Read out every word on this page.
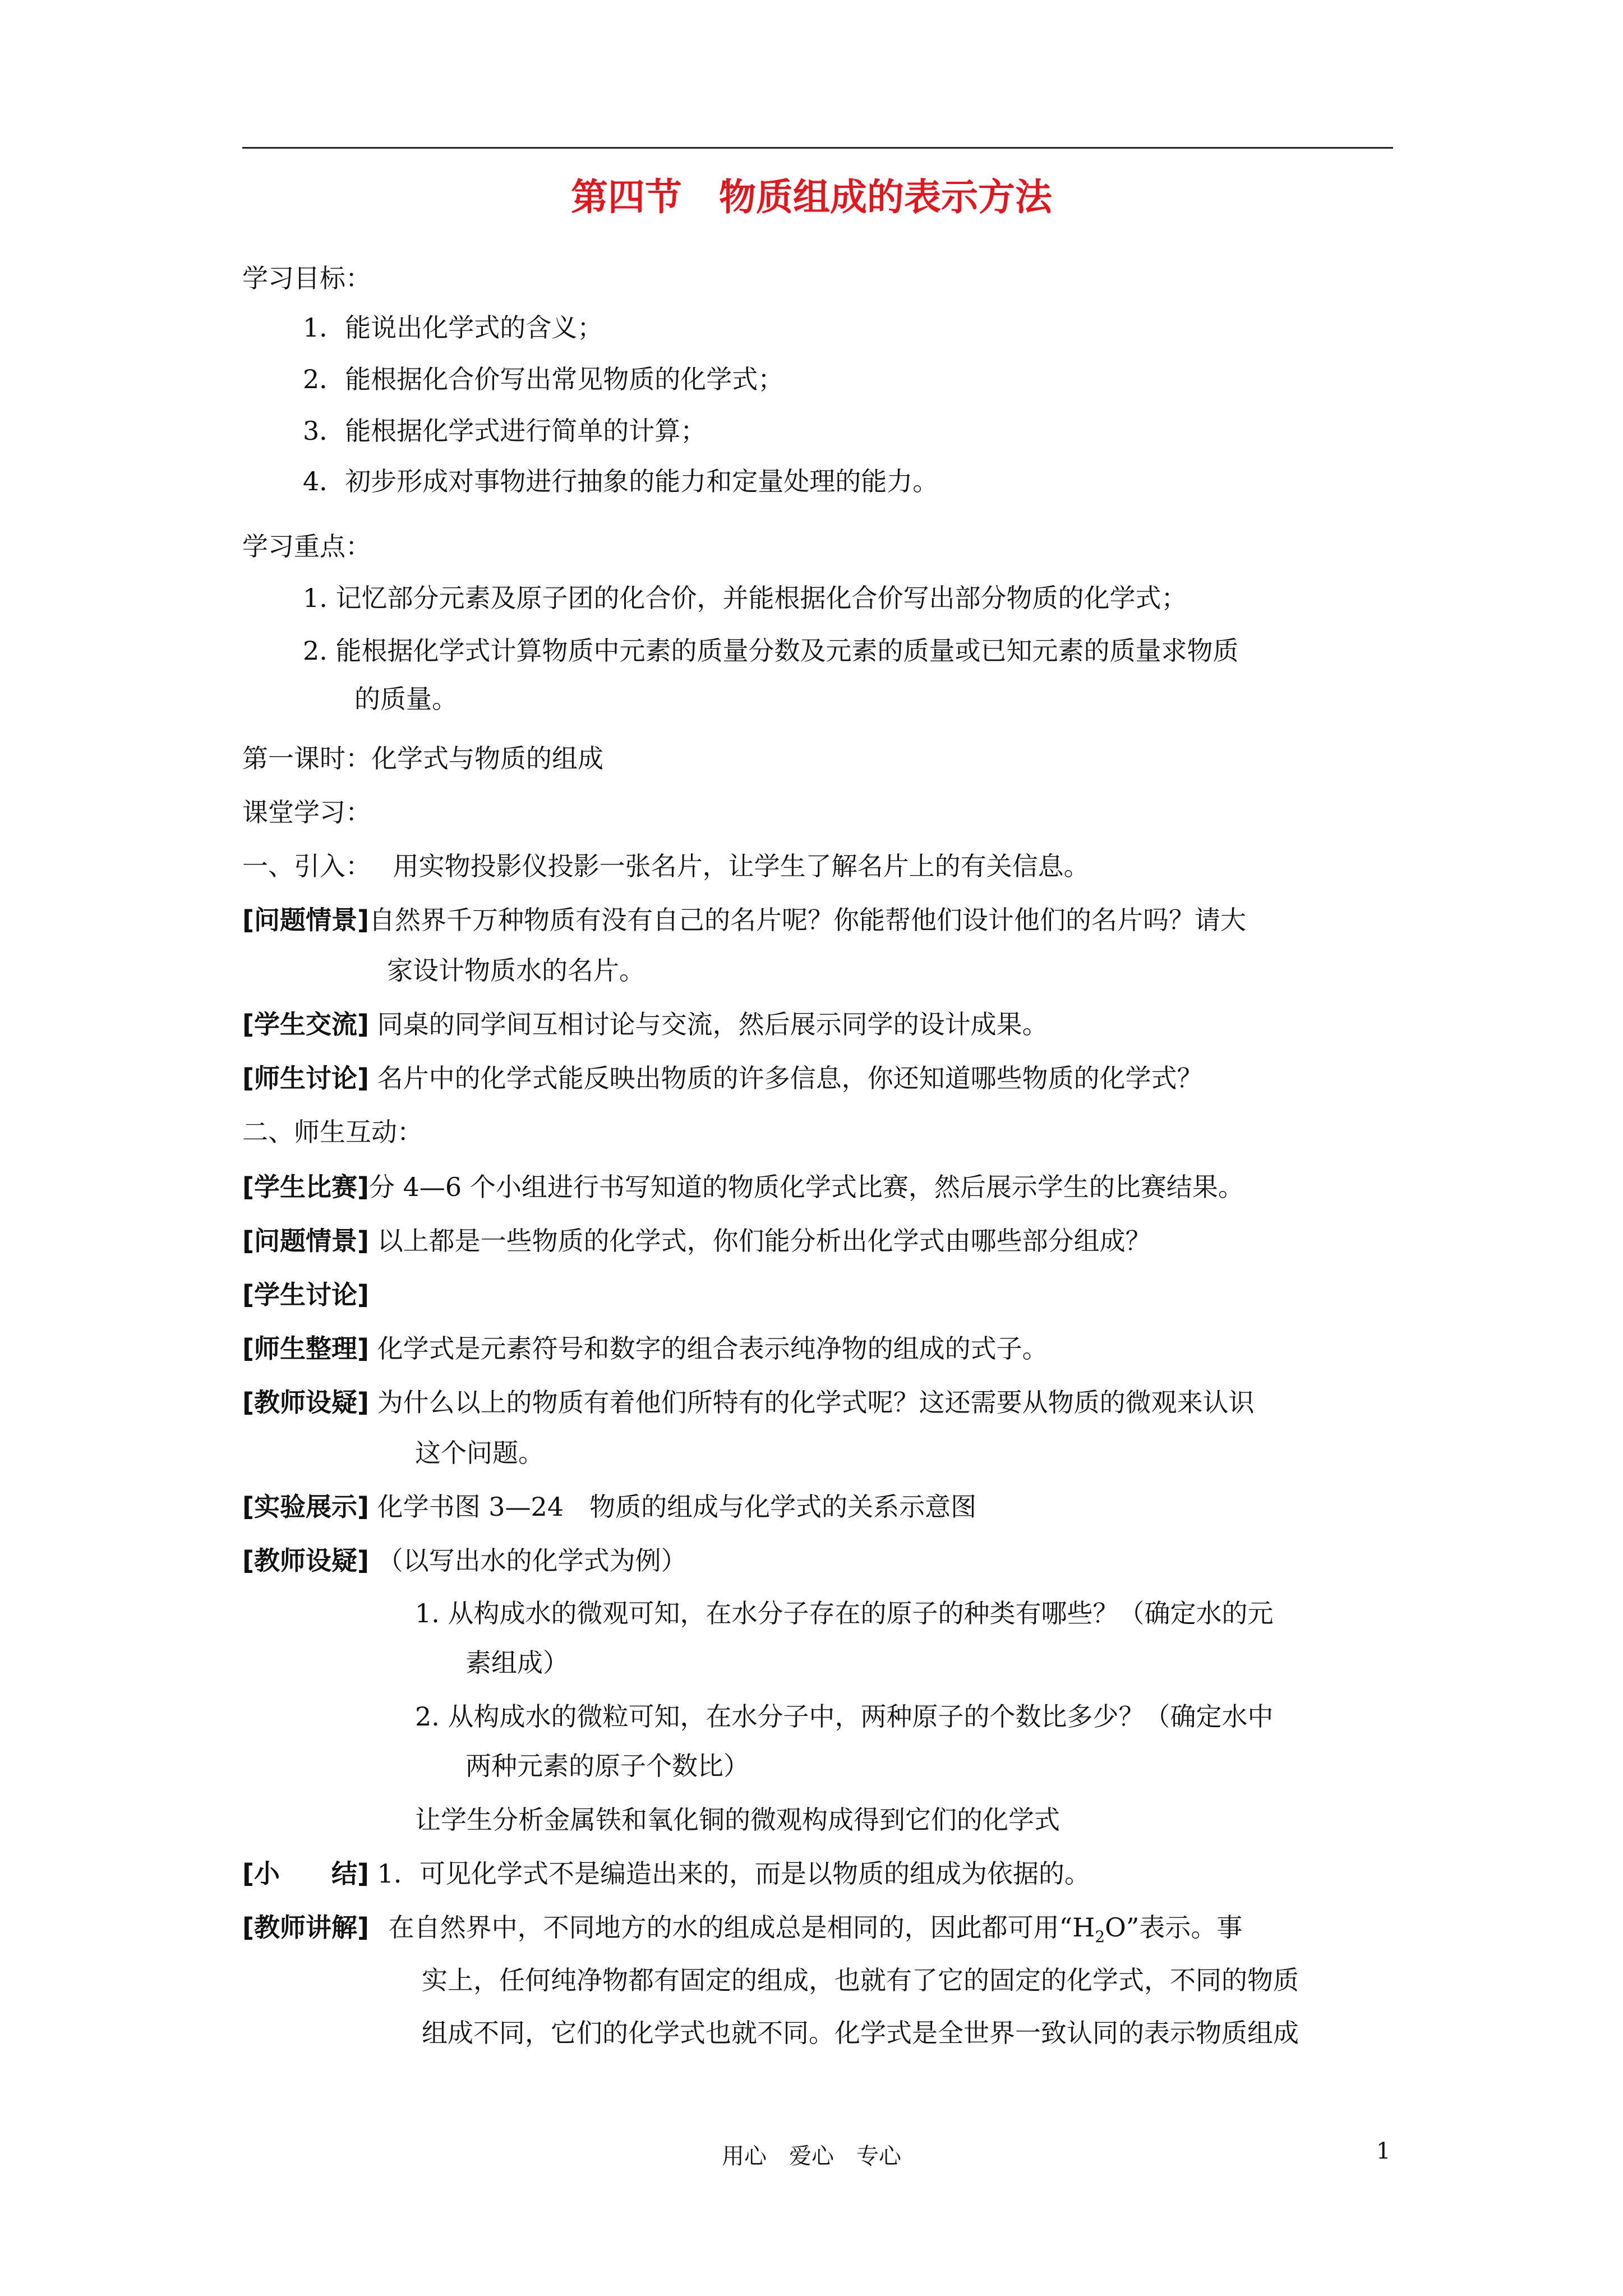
第四节　物质组成的表示方法
学习目标：
1．能说出化学式的含义；
2．能根据化合价写出常见物质的化学式；
3．能根据化学式进行简单的计算；
4．初步形成对事物进行抽象的能力和定量处理的能力。
学习重点：
1. 记忆部分元素及原子团的化合价，并能根据化合价写出部分物质的化学式；
2. 能根据化学式计算物质中元素的质量分数及元素的质量或已知元素的质量求物质
的质量。
第一课时：化学式与物质的组成
课堂学习：
一、引入： 用实物投影仪投影一张名片，让学生了解名片上的有关信息。
[问题情景]自然界千万种物质有没有自己的名片呢？你能帮他们设计他们的名片吗？请大
家设计物质水的名片。
[学生交流] 同桌的同学间互相讨论与交流，然后展示同学的设计成果。
[师生讨论] 名片中的化学式能反映出物质的许多信息，你还知道哪些物质的化学式？
二、师生互动：
[学生比赛]分 4—6 个小组进行书写知道的物质化学式比赛，然后展示学生的比赛结果。
[问题情景] 以上都是一些物质的化学式，你们能分析出化学式由哪些部分组成？
[学生讨论]
[师生整理] 化学式是元素符号和数字的组合表示纯净物的组成的式子。
[教师设疑] 为什么以上的物质有着他们所特有的化学式呢？这还需要从物质的微观来认识
这个问题。
[实验展示] 化学书图 3—24　物质的组成与化学式的关系示意图
[教师设疑] （以写出水的化学式为例）
1. 从构成水的微观可知，在水分子存在的原子的种类有哪些？（确定水的元
素组成）
2. 从构成水的微粒可知，在水分子中，两种原子的个数比多少？（确定水中
两种元素的原子个数比）
让学生分析金属铁和氧化铜的微观构成得到它们的化学式
[小　　结] 1．可见化学式不是编造出来的，而是以物质的组成为依据的。
[教师讲解] 在自然界中，不同地方的水的组成总是相同的，因此都可用“$H_2O$”表示。事
实上，任何纯净物都有固定的组成，也就有了它的固定的化学式，不同的物质
组成不同，它们的化学式也就不同。化学式是全世界一致认同的表示物质组成
用心　爱心　专心	1
